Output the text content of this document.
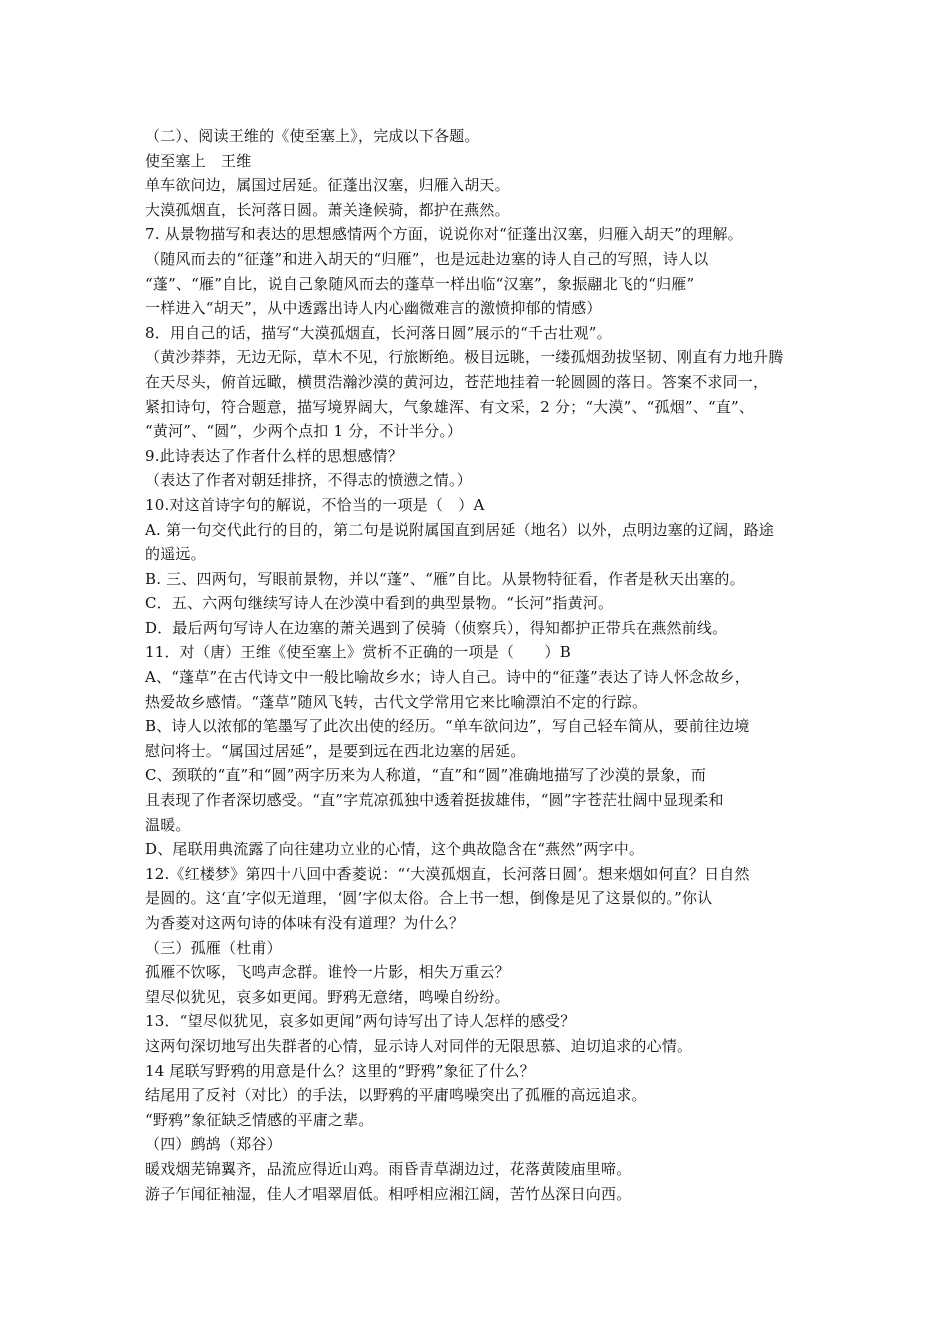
（二）、阅读王维的《使至塞上》，完成以下各题。
使至塞上　王维
单车欲问边，属国过居延。征蓬出汉塞，归雁入胡天。
大漠孤烟直，长河落日圆。萧关逢候骑，都护在燕然。
7. 从景物描写和表达的思想感情两个方面，说说你对“征蓬出汉塞，归雁入胡天”的理解。
（随风而去的“征蓬”和进入胡天的“归雁”，也是远赴边塞的诗人自己的写照，诗人以
“蓬”、“雁”自比，说自己象随风而去的蓬草一样出临“汉塞”，象振翮北飞的“归雁”
一样进入“胡天”，从中透露出诗人内心幽微难言的激愤抑郁的情感）
8．用自己的话，描写“大漠孤烟直，长河落日圆”展示的“千古壮观”。
（黄沙莽莽，无边无际，草木不见，行旅断绝。极目远眺，一缕孤烟劲拔坚韧、刚直有力地升腾
在天尽头，俯首远瞰，横贯浩瀚沙漠的黄河边，苍茫地挂着一轮圆圆的落日。答案不求同一，
紧扣诗句，符合题意，描写境界阔大，气象雄浑、有文采，2 分；“大漠”、“孤烟”、“直”、
“黄河”、“圆”，少两个点扣 1 分，不计半分。）
9.此诗表达了作者什么样的思想感情？
（表达了作者对朝廷排挤，不得志的愤懑之情。）
10.对这首诗字句的解说，不恰当的一项是（　）A
A. 第一句交代此行的目的，第二句是说附属国直到居延（地名）以外，点明边塞的辽阔，路途
的遥远。
B. 三、四两句，写眼前景物，并以“蓬”、“雁”自比。从景物特征看，作者是秋天出塞的。
C．五、六两句继续写诗人在沙漠中看到的典型景物。“长河”指黄河。
D．最后两句写诗人在边塞的萧关遇到了侯骑（侦察兵），得知都护正带兵在燕然前线。
11．对（唐）王维《使至塞上》赏析不正确的一项是（　　）B
A、“蓬草”在古代诗文中一般比喻故乡水；诗人自己。诗中的“征蓬”表达了诗人怀念故乡，
热爱故乡感情。“蓬草”随风飞转，古代文学常用它来比喻漂泊不定的行踪。
B、诗人以浓郁的笔墨写了此次出使的经历。“单车欲问边”，写自己轻车简从，要前往边境
慰问将士。“属国过居延”，是要到远在西北边塞的居延。
C、颈联的“直”和“圆”两字历来为人称道，“直”和“圆”准确地描写了沙漠的景象，而
且表现了作者深切感受。“直”字荒凉孤独中透着挺拔雄伟，“圆”字苍茫壮阔中显现柔和
温暖。
D、尾联用典流露了向往建功立业的心情，这个典故隐含在“燕然”两字中。
12.《红楼梦》第四十八回中香菱说：“‘大漠孤烟直，长河落日圆’。想来烟如何直？日自然
是圆的。这‘直’字似无道理，‘圆’字似太俗。合上书一想，倒像是见了这景似的。”你认
为香菱对这两句诗的体味有没有道理？为什么？
（三）孤雁（杜甫）
孤雁不饮啄，飞鸣声念群。谁怜一片影，相失万重云？
望尽似犹见，哀多如更闻。野鸦无意绪，鸣噪自纷纷。
13．“望尽似犹见，哀多如更闻”两句诗写出了诗人怎样的感受？
这两句深切地写出失群者的心情，显示诗人对同伴的无限思慕、迫切追求的心情。
14 尾联写野鸦的用意是什么？这里的“野鸦”象征了什么？
结尾用了反衬（对比）的手法，以野鸦的平庸鸣噪突出了孤雁的高远追求。
“野鸦”象征缺乏情感的平庸之辈。
（四）鹧鸪（郑谷）
暖戏烟芜锦翼齐，品流应得近山鸡。雨昏青草湖边过，花落黄陵庙里啼。
游子乍闻征袖湿，佳人才唱翠眉低。相呼相应湘江阔，苦竹丛深日向西。
